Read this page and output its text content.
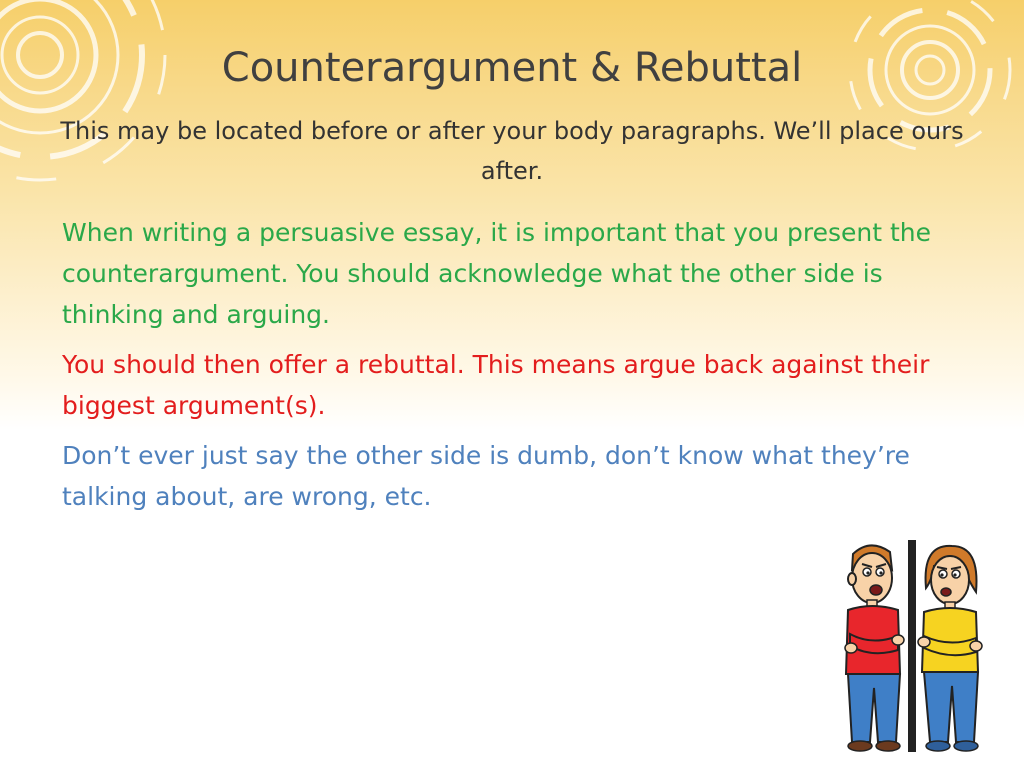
Counterargument & Rebuttal
This may be located before or after your body paragraphs. We’ll place ours after.

When writing a persuasive essay, it is important that you present the counterargument. You should acknowledge what the other side is thinking and arguing.

You should then offer a rebuttal. This means argue back against their biggest argument(s).

Don’t ever just say the other side is dumb, don’t know what they’re talking about, are wrong, etc.
